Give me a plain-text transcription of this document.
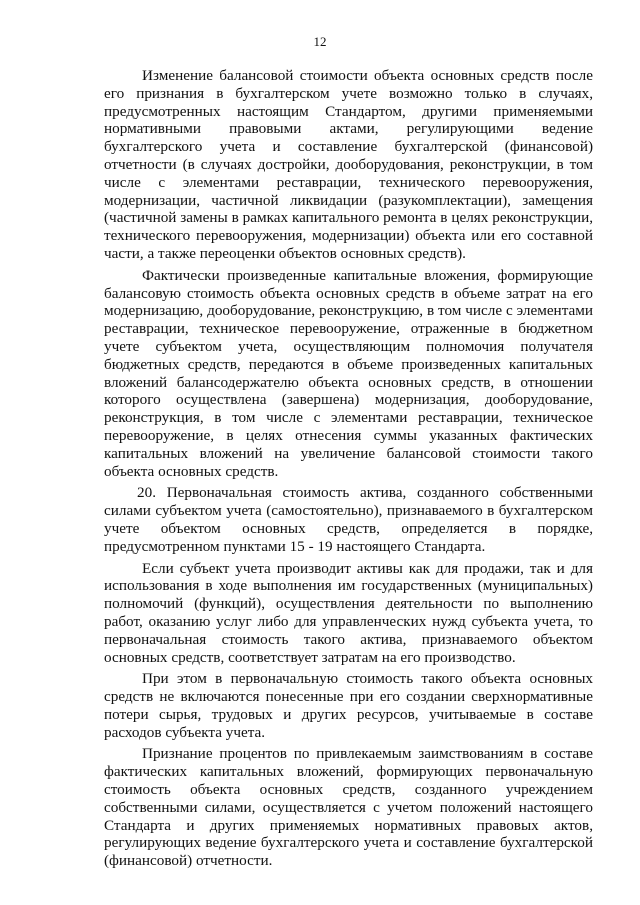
12

Изменение балансовой стоимости объекта основных средств после его признания в бухгалтерском учете возможно только в случаях, предусмотренных настоящим Стандартом, другими применяемыми нормативными правовыми актами, регулирующими ведение бухгалтерского учета и составление бухгалтерской (финансовой) отчетности (в случаях достройки, дооборудования, реконструкции, в том числе с элементами реставрации, технического перевооружения, модернизации, частичной ликвидации (разукомплектации), замещения (частичной замены в рамках капитального ремонта в целях реконструкции, технического перевооружения, модернизации) объекта или его составной части, а также переоценки объектов основных средств).

Фактически произведенные капитальные вложения, формирующие балансовую стоимость объекта основных средств в объеме затрат на его модернизацию, дооборудование, реконструкцию, в том числе с элементами реставрации, техническое перевооружение, отраженные в бюджетном учете субъектом учета, осуществляющим полномочия получателя бюджетных средств, передаются в объеме произведенных капитальных вложений балансодержателю объекта основных средств, в отношении которого осуществлена (завершена) модернизация, дооборудование, реконструкция, в том числе с элементами реставрации, техническое перевооружение, в целях отнесения суммы указанных фактических капитальных вложений на увеличение балансовой стоимости такого объекта основных средств.

20. Первоначальная стоимость актива, созданного собственными силами субъектом учета (самостоятельно), признаваемого в бухгалтерском учете объектом основных средств, определяется в порядке, предусмотренном пунктами 15 - 19 настоящего Стандарта.

Если субъект учета производит активы как для продажи, так и для использования в ходе выполнения им государственных (муниципальных) полномочий (функций), осуществления деятельности по выполнению работ, оказанию услуг либо для управленческих нужд субъекта учета, то первоначальная стоимость такого актива, признаваемого объектом основных средств, соответствует затратам на его производство.

При этом в первоначальную стоимость такого объекта основных средств не включаются понесенные при его создании сверхнормативные потери сырья, трудовых и других ресурсов, учитываемые в составе расходов субъекта учета.

Признание процентов по привлекаемым заимствованиям в составе фактических капитальных вложений, формирующих первоначальную стоимость объекта основных средств, созданного учреждением собственными силами, осуществляется с учетом положений настоящего Стандарта и других применяемых нормативных правовых актов, регулирующих ведение бухгалтерского учета и составление бухгалтерской (финансовой) отчетности.
